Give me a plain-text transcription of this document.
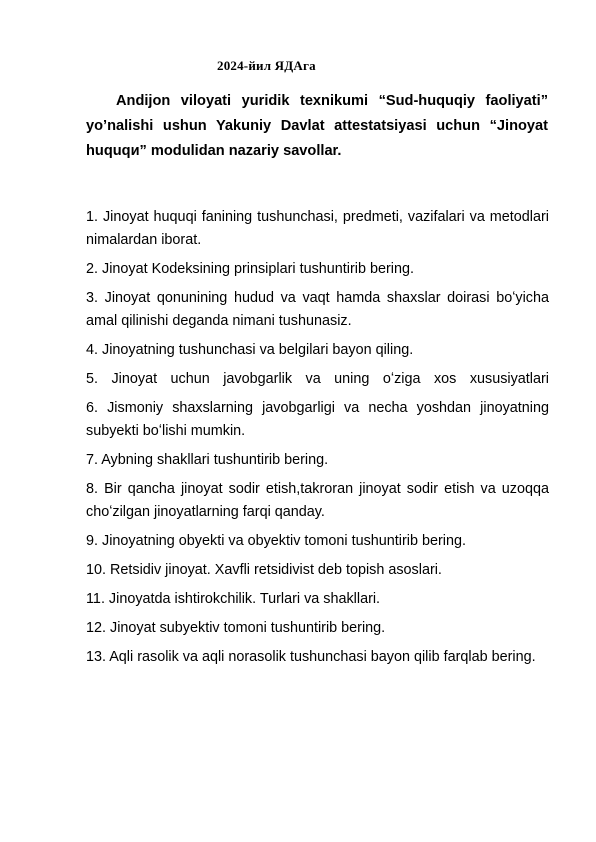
2024-йил ЯДАга
Andijon viloyati yuridik texnikumi “Sud-huquqiy faoliyati” yo’nalishi ushun Yakuniy Davlat attestatsiyasi uchun “Jinoyat huquqи” modulidan nazariy savollar.

1. Jinoyat huquqi fanining tushunchasi, predmeti, vazifalari va metodlari nimalardan iborat.

2. Jinoyat Kodeksining prinsiplari tushuntirib bering.

3. Jinoyat qonunining hudud va vaqt hamda shaxslar doirasi boʻyicha amal qilinishi deganda nimani tushunasiz.

4. Jinoyatning tushunchasi va belgilari bayon qiling.

5. Jinoyat uchun javobgarlik va uning oʻziga xos xususiyatlari

6. Jismoniy shaxslarning javobgarligi va necha yoshdan jinoyatning subyekti boʻlishi mumkin.

7. Aybning shakllari tushuntirib bering.

8. Bir qancha jinoyat sodir etish,takroran jinoyat sodir etish va uzoqqa choʻzilgan jinoyatlarning farqi qanday.

9. Jinoyatning obyekti va obyektiv tomoni tushuntirib bering.

10. Retsidiv jinoyat. Xavfli retsidivist deb topish asoslari.

11. Jinoyatda ishtirokchilik. Turlari va shakllari.

12. Jinoyat subyektiv tomoni tushuntirib bering.

13. Aqli rasolik va aqli norasolik tushunchasi bayon qilib farqlab bering.
